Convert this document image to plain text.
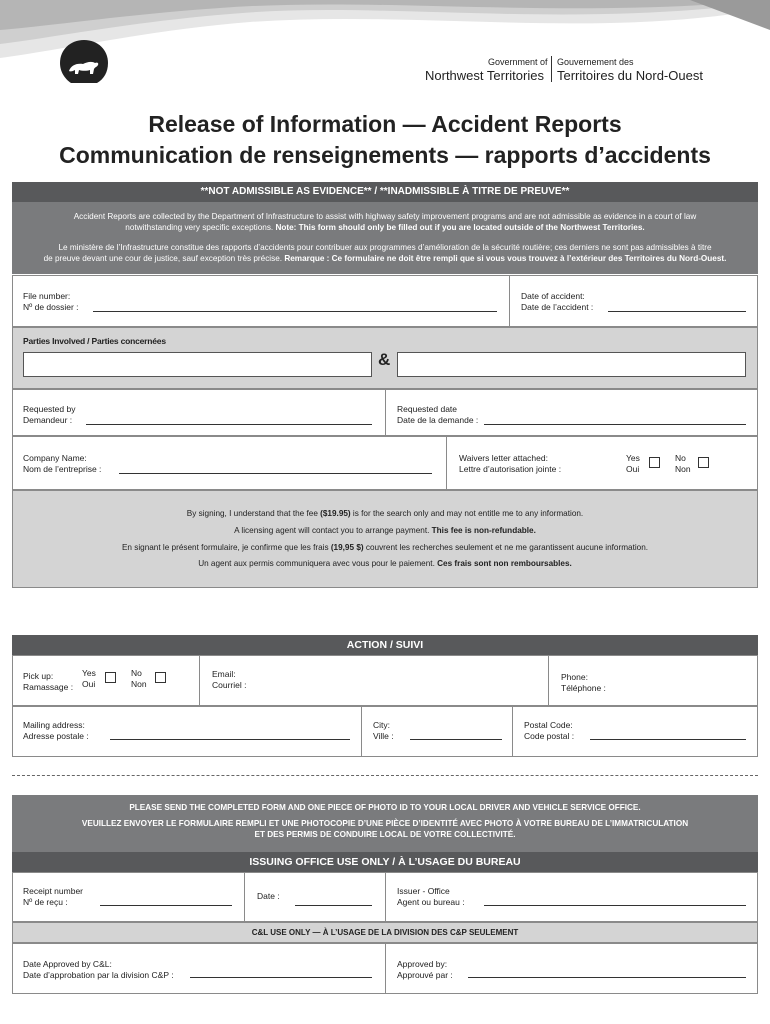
Government of
Northwest Territories
Gouvernement des
Territoires du Nord-Ouest
Release of Information — Accident Reports
Communication de renseignements — rapports d’accidents
**NOT ADMISSIBLE AS EVIDENCE** / **INADMISSIBLE À TITRE DE PREUVE**
Accident Reports are collected by the Department of Infrastructure to assist with highway safety improvement programs and are not admissible as evidence in a court of law
notwithstanding very specific exceptions. Note: This form should only be filled out if you are located outside of the Northwest Territories.
Le ministère de l’Infrastructure constitue des rapports d’accidents pour contribuer aux programmes d’amélioration de la sécurité routière; ces derniers ne sont pas admissibles à titre
de preuve devant une cour de justice, sauf exception très précise. Remarque : Ce formulaire ne doit être rempli que si vous vous trouvez à l’extérieur des Territoires du Nord-Ouest.
File number:
Nº de dossier :
Date of accident:
Date de l’accident :
Parties Involved / Parties concernées
&
Requested by
Demandeur :
Requested date
Date de la demande :
Company Name:
Nom de l’entreprise :
Waivers letter attached:
Lettre d’autorisation jointe :
Yes
Oui
No
Non
By signing, I understand that the fee ($19.95) is for the search only and may not entitle me to any information.
A licensing agent will contact you to arrange payment. This fee is non-refundable.
En signant le présent formulaire, je confirme que les frais (19,95 $) couvrent les recherches seulement et ne me garantissent aucune information.
Un agent aux permis communiquera avec vous pour le paiement. Ces frais sont non remboursables.
ACTION / SUIVI
Pick up:
Ramassage :
Yes
Oui
No
Non
Email:
Courriel :
Phone:
Téléphone :
Mailing address:
Adresse postale :
City:
Ville :
Postal Code:
Code postal :
PLEASE SEND THE COMPLETED FORM AND ONE PIECE OF PHOTO ID TO YOUR LOCAL DRIVER AND VEHICLE SERVICE OFFICE.
VEUILLEZ ENVOYER LE FORMULAIRE REMPLI ET UNE PHOTOCOPIE D’UNE PIÈCE D’IDENTITÉ AVEC PHOTO À VOTRE BUREAU DE L’IMMATRICULATION
ET DES PERMIS DE CONDUIRE LOCAL DE VOTRE COLLECTIVITÉ.
ISSUING OFFICE USE ONLY / À L’USAGE DU BUREAU
Receipt number
Nº de reçu :
Date :	Issuer - Office
Agent ou bureau :
C&L USE ONLY — À L’USAGE DE LA DIVISION DES C&P SEULEMENT
Date Approved by C&L:
Date d’approbation par la division C&P :
Approved by:
Approuvé par :
